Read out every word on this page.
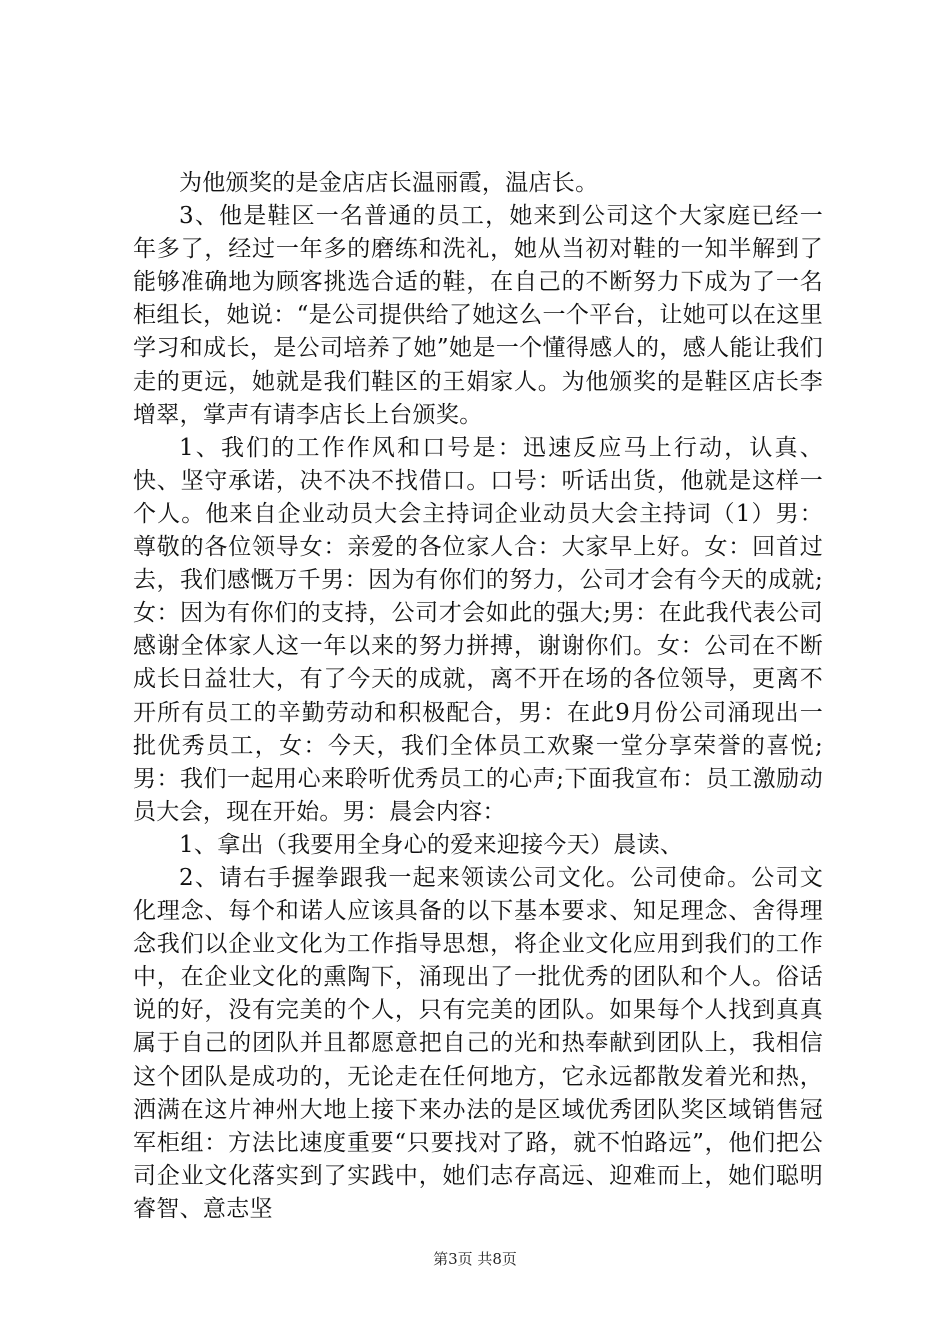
为他颁奖的是金店店长温丽霞，温店长。

3、他是鞋区一名普通的员工，她来到公司这个大家庭已经一年多了，经过一年多的磨练和洗礼，她从当初对鞋的一知半解到了能够准确地为顾客挑选合适的鞋，在自己的不断努力下成为了一名柜组长，她说：“是公司提供给了她这么一个平台，让她可以在这里学习和成长，是公司培养了她”她是一个懂得感人的，感人能让我们走的更远，她就是我们鞋区的王娟家人。为他颁奖的是鞋区店长李增翠，掌声有请李店长上台颁奖。

1、我们的工作作风和口号是：迅速反应马上行动，认真、快、坚守承诺，决不决不找借口。口号：听话出货，他就是这样一个人。他来自企业动员大会主持词企业动员大会主持词（1）男：尊敬的各位领导女：亲爱的各位家人合：大家早上好。女：回首过去，我们感慨万千男：因为有你们的努力，公司才会有今天的成就;女：因为有你们的支持，公司才会如此的强大;男：在此我代表公司感谢全体家人这一年以来的努力拼搏，谢谢你们。女：公司在不断成长日益壮大，有了今天的成就，离不开在场的各位领导，更离不开所有员工的辛勤劳动和积极配合，男：在此9月份公司涌现出一批优秀员工，女：今天，我们全体员工欢聚一堂分享荣誉的喜悦;男：我们一起用心来聆听优秀员工的心声;下面我宣布：员工激励动员大会，现在开始。男：晨会内容：

1、拿出（我要用全身心的爱来迎接今天）晨读、

2、请右手握拳跟我一起来领读公司文化。公司使命。公司文化理念、每个和诺人应该具备的以下基本要求、知足理念、舍得理念我们以企业文化为工作指导思想，将企业文化应用到我们的工作中，在企业文化的熏陶下，涌现出了一批优秀的团队和个人。俗话说的好，没有完美的个人，只有完美的团队。如果每个人找到真真属于自己的团队并且都愿意把自己的光和热奉献到团队上，我相信这个团队是成功的，无论走在任何地方，它永远都散发着光和热，洒满在这片神州大地上接下来办法的是区域优秀团队奖区域销售冠军柜组：方法比速度重要“只要找对了路，就不怕路远”，他们把公司企业文化落实到了实践中，她们志存高远、迎难而上，她们聪明睿智、意志坚

第3页 共8页
